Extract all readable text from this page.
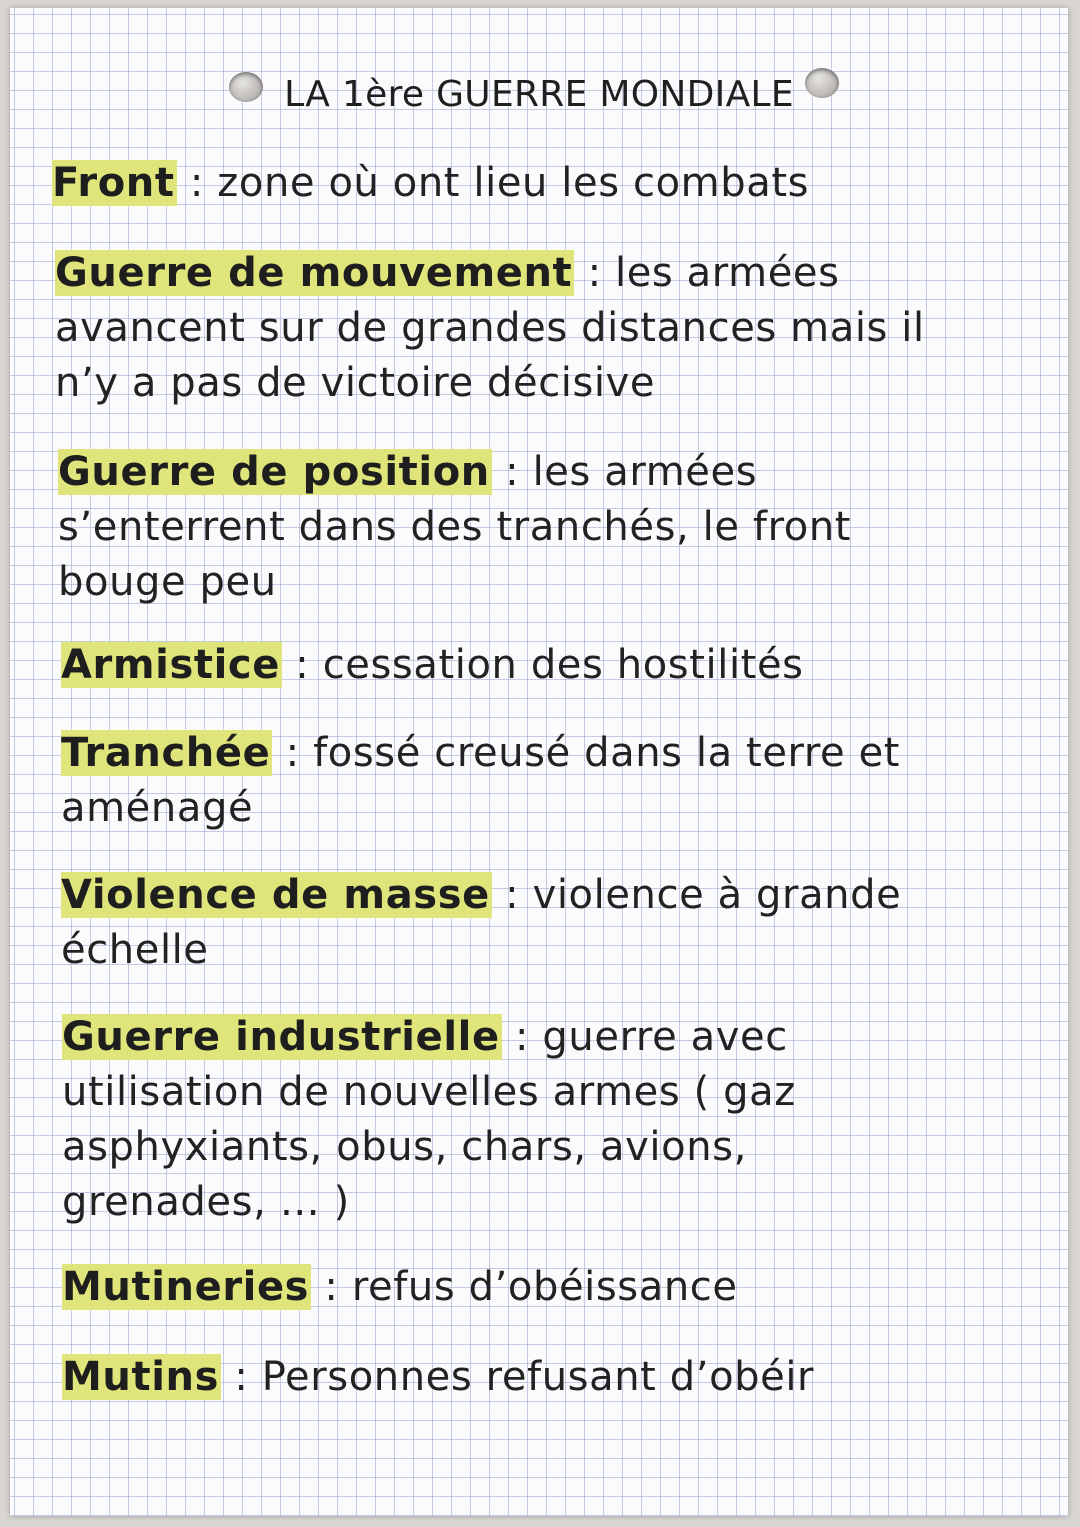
LA 1ère GUERRE MONDIALE
Front : zone où ont lieu les combats
Guerre de mouvement : les armées avancent sur de grandes distances mais il n’y a pas de victoire décisive
Guerre de position : les armées s’enterrent dans des tranchés, le front bouge peu
Armistice : cessation des hostilités
Tranchée : fossé creusé dans la terre et aménagé
Violence de masse : violence à grande échelle
Guerre industrielle : guerre avec utilisation de nouvelles armes ( gaz asphyxiants, obus, chars, avions, grenades, … )
Mutineries : refus d’obéissance
Mutins : Personnes refusant d’obéir
